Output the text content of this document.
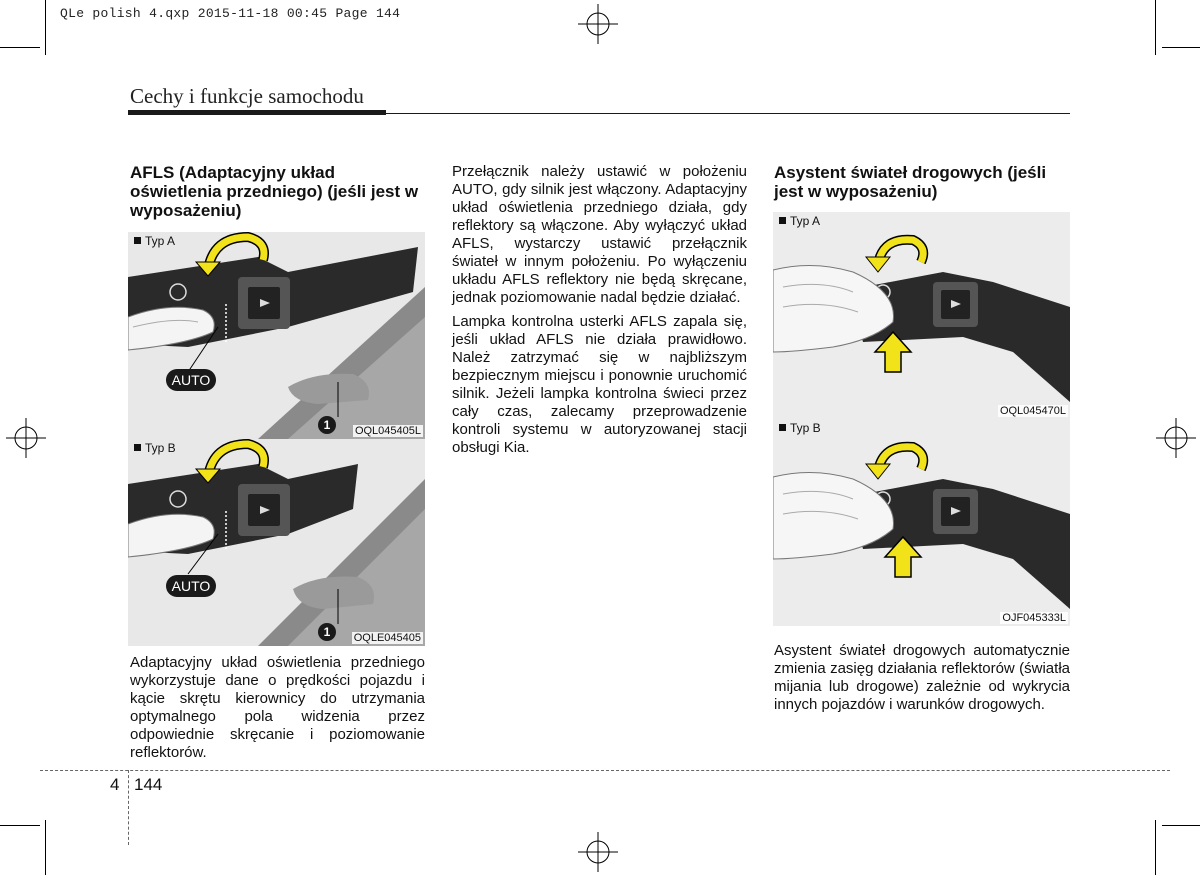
QLe polish 4.qxp 2015-11-18 00:45 Page 144
Cechy i funkcje samochodu
AFLS (Adaptacyjny układ oświetlenia przedniego) (jeśli jest w wyposażeniu)
Typ A
AUTO
1	OQL045405L
Typ B
AUTO
1	OQLE045405
Adaptacyjny układ oświetlenia przedniego wykorzystuje dane o prędkości pojazdu i kącie skrętu kierownicy do utrzymania optymalnego pola widzenia przez odpowiednie skręcanie i poziomowanie reflektorów.

Przełącznik należy ustawić w położeniu AUTO, gdy silnik jest włączony. Adaptacyjny układ oświetlenia przedniego działa, gdy reflektory są włączone. Aby wyłączyć układ AFLS, wystarczy ustawić przełącznik świateł w innym położeniu. Po wyłączeniu układu AFLS reflektory nie będą skręcane, jednak poziomowanie nadal będzie działać.

Lampka kontrolna usterki AFLS zapala się, jeśli układ AFLS nie działa prawidłowo. Należ zatrzymać się w najbliższym bezpiecznym miejscu i ponownie uruchomić silnik. Jeżeli lampka kontrolna świeci przez cały czas, zalecamy przeprowadzenie kontroli systemu w autoryzowanej stacji obsługi Kia.

Asystent świateł drogowych (jeśli jest w wyposażeniu)
Typ A
OQL045470L
Typ B
OJF045333L
Asystent świateł drogowych automatycznie zmienia zasięg działania reflektorów (światła mijania lub drogowe) zależnie od wykrycia innych pojazdów i warunków drogowych.
4 144
